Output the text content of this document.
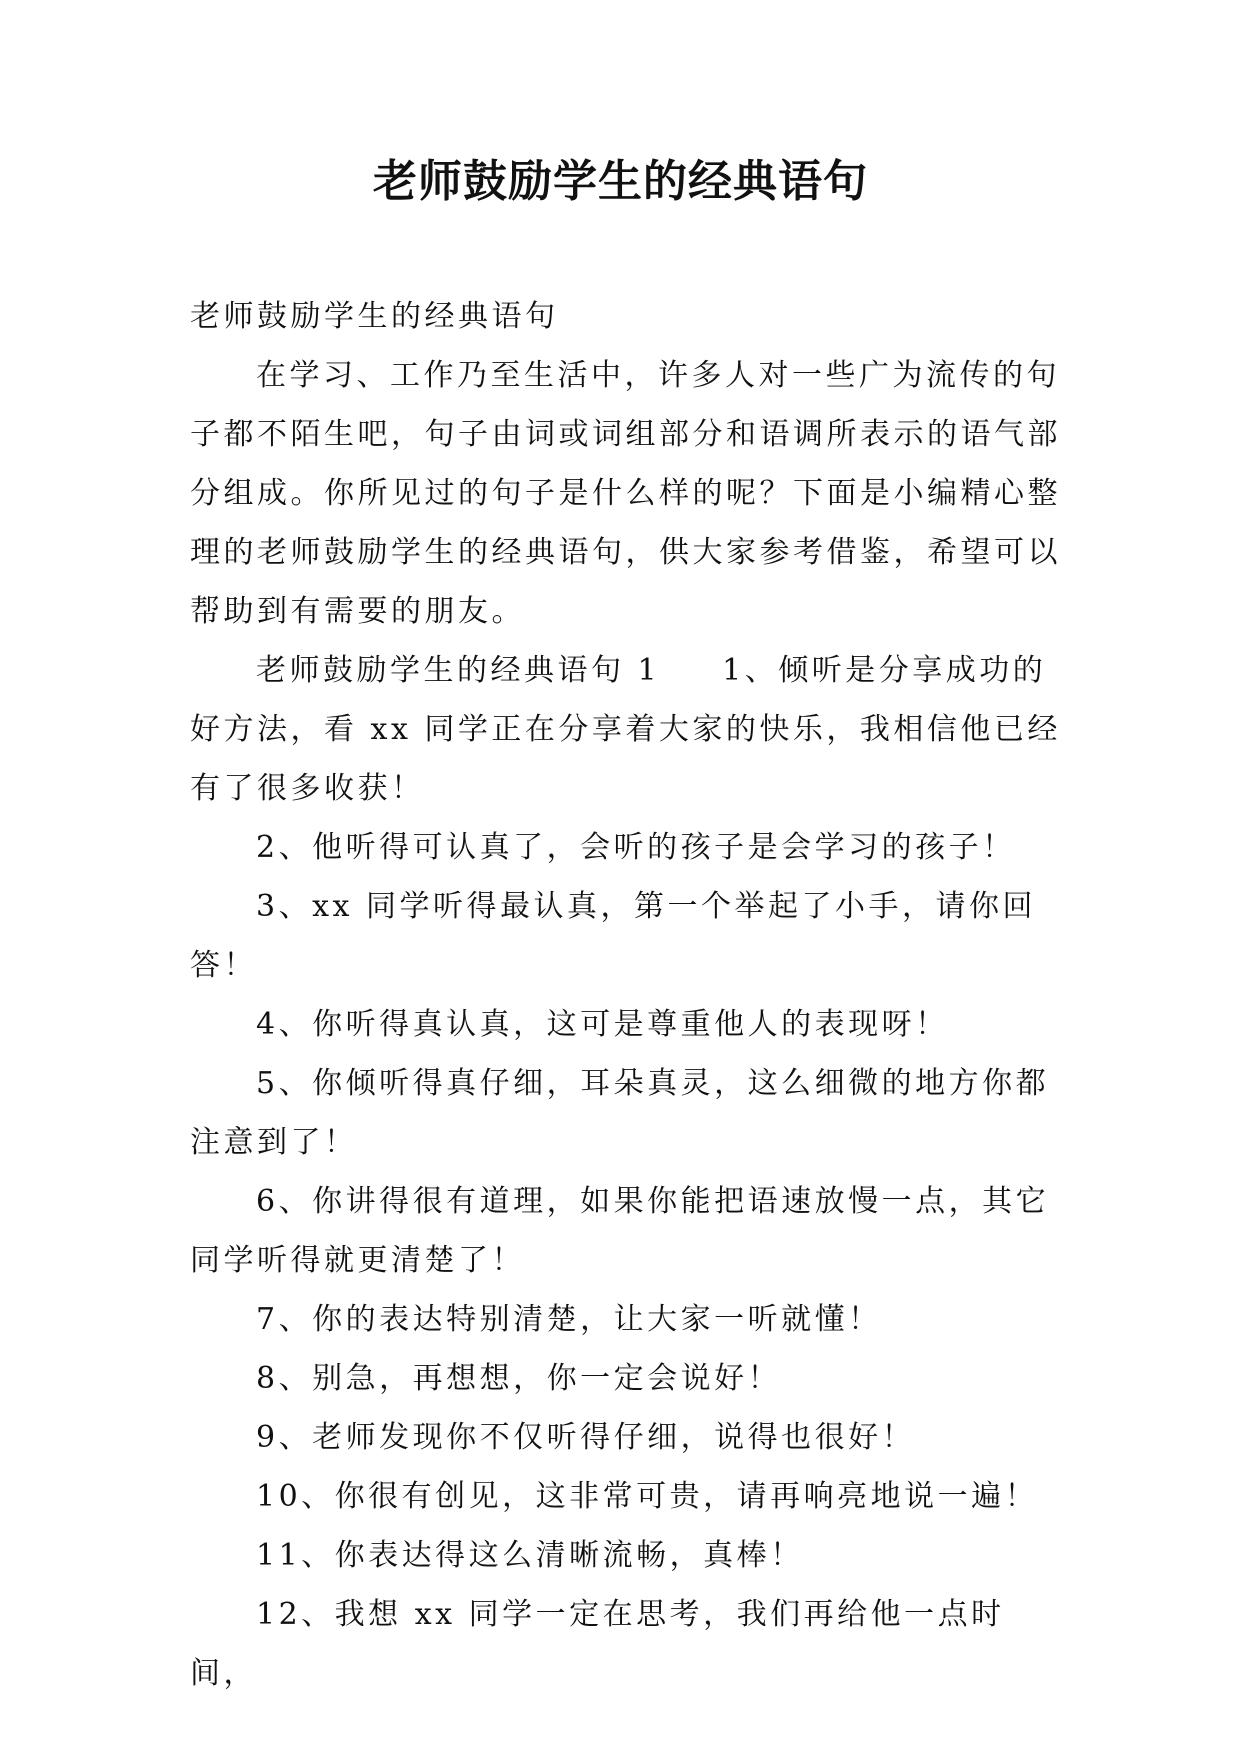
老师鼓励学生的经典语句

老师鼓励学生的经典语句

在学习、工作乃至生活中，许多人对一些广为流传的句子都不陌生吧，句子由词或词组部分和语调所表示的语气部分组成。你所见过的句子是什么样的呢？下面是小编精心整理的老师鼓励学生的经典语句，供大家参考借鉴，希望可以帮助到有需要的朋友。

老师鼓励学生的经典语句 1 1、倾听是分享成功的好方法，看 xx 同学正在分享着大家的快乐，我相信他已经有了很多收获！

2、他听得可认真了，会听的孩子是会学习的孩子！

3、xx 同学听得最认真，第一个举起了小手，请你回答！

4、你听得真认真，这可是尊重他人的表现呀！

5、你倾听得真仔细，耳朵真灵，这么细微的地方你都注意到了！

6、你讲得很有道理，如果你能把语速放慢一点，其它同学听得就更清楚了！

7、你的表达特别清楚，让大家一听就懂！

8、别急，再想想，你一定会说好！

9、老师发现你不仅听得仔细，说得也很好！

10、你很有创见，这非常可贵，请再响亮地说一遍！

11、你表达得这么清晰流畅，真棒！

12、我想 xx 同学一定在思考，我们再给他一点时间，
